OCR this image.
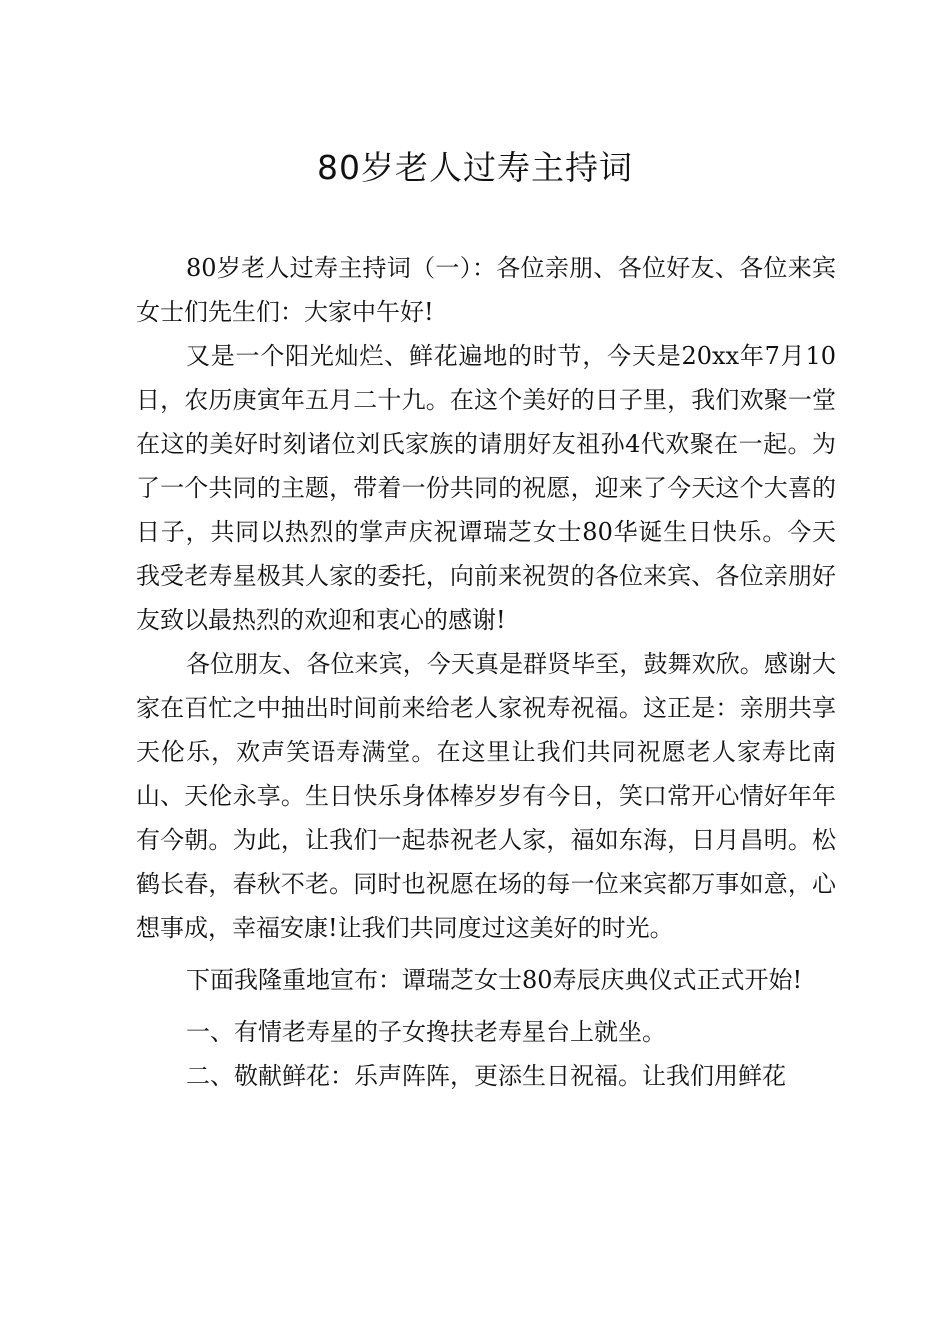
80岁老人过寿主持词

80岁老人过寿主持词（一）：各位亲朋、各位好友、各位来宾女士们先生们：大家中午好!

又是一个阳光灿烂、鲜花遍地的时节，今天是20xx年7月10日，农历庚寅年五月二十九。在这个美好的日子里，我们欢聚一堂在这的美好时刻诸位刘氏家族的请朋好友祖孙4代欢聚在一起。为了一个共同的主题，带着一份共同的祝愿，迎来了今天这个大喜的日子，共同以热烈的掌声庆祝谭瑞芝女士80华诞生日快乐。今天我受老寿星极其人家的委托，向前来祝贺的各位来宾、各位亲朋好友致以最热烈的欢迎和衷心的感谢!

各位朋友、各位来宾，今天真是群贤毕至，鼓舞欢欣。感谢大家在百忙之中抽出时间前来给老人家祝寿祝福。这正是：亲朋共享天伦乐，欢声笑语寿满堂。在这里让我们共同祝愿老人家寿比南山、天伦永享。生日快乐身体棒岁岁有今日，笑口常开心情好年年有今朝。为此，让我们一起恭祝老人家，福如东海，日月昌明。松鹤长春，春秋不老。同时也祝愿在场的每一位来宾都万事如意，心想事成，幸福安康!让我们共同度过这美好的时光。

下面我隆重地宣布：谭瑞芝女士80寿辰庆典仪式正式开始!

一、有情老寿星的子女搀扶老寿星台上就坐。

二、敬献鲜花：乐声阵阵，更添生日祝福。让我们用鲜花
